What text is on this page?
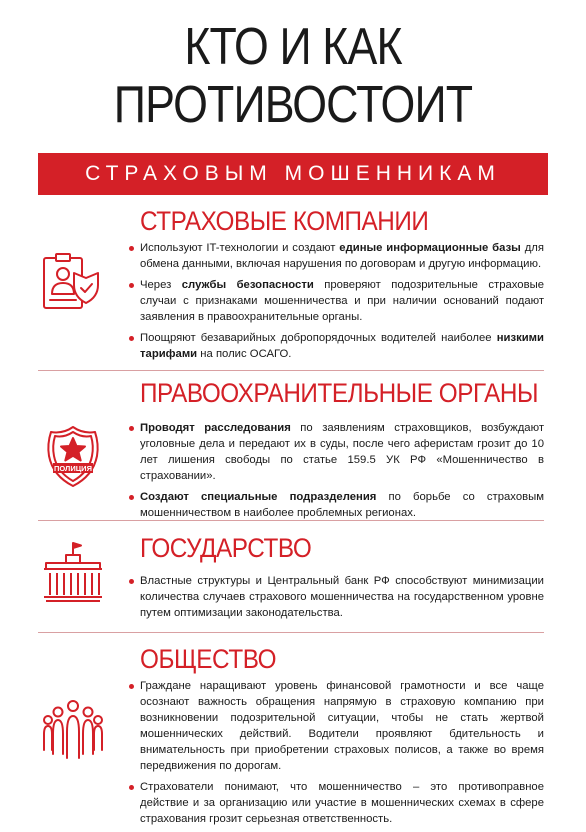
КТО И КАК
ПРОТИВОСТОИТ
СТРАХОВЫМ МОШЕННИКАМ
СТРАХОВЫЕ КОМПАНИИ
Используют IT-технологии и создают единые информационные базы для обмена данными, включая нарушения по договорам и другую информацию.
Через службы безопасности проверяют подозрительные страховые случаи с признаками мошенничества и при наличии оснований подают заявления в правоохранительные органы.
Поощряют безаварийных добропорядочных водителей наиболее низкими тарифами на полис ОСАГО.
ПРАВООХРАНИТЕЛЬНЫЕ ОРГАНЫ
ПОЛИЦИЯ
Проводят расследования по заявлениям страховщиков, возбуждают уголовные дела и передают их в суды, после чего аферистам грозит до 10 лет лишения свободы по статье 159.5 УК РФ «Мошенничество в страховании».
Создают специальные подразделения по борьбе со страховым мошенничеством в наиболее проблемных регионах.
ГОСУДАРСТВО
Властные структуры и Центральный банк РФ способствуют минимизации количества случаев страхового мошенничества на государственном уровне путем оптимизации законодательства.
ОБЩЕСТВО
Граждане наращивают уровень финансовой грамотности и все чаще осознают важность обращения напрямую в страховую компанию при возникновении подозрительной ситуации, чтобы не стать жертвой мошеннических действий. Водители проявляют бдительность и внимательность при приобретении страховых полисов, а также во время передвижения по дорогам.
Страхователи понимают, что мошенничество – это противоправное действие и за организацию или участие в мошеннических схемах в сфере страхования грозит серьезная ответственность.
